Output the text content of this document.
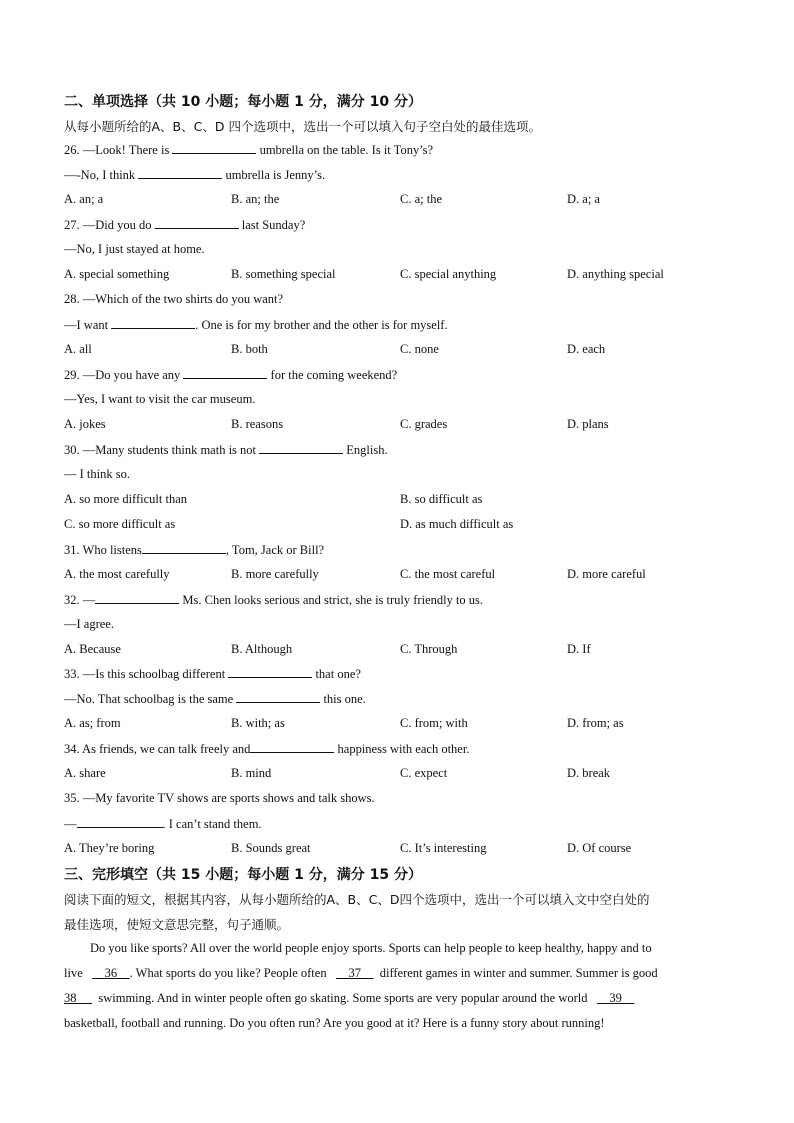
二、单项选择（共 10 小题；每小题 1 分，满分 10 分）
从每小题所给的A、B、C、D 四个选项中，选出一个可以填入句子空白处的最佳选项。
26. —Look! There is	umbrella on the table. Is it Tony’s?
—-No, I think	umbrella is Jenny’s.
A. an; a	B. an; the	C. a; the	D. a; a
27. —Did you do	last Sunday?
—No, I just stayed at home.
A. special something	B. something special	C. special anything	D. anything special
28. —Which of the two shirts do you want?
—I want	. One is for my brother and the other is for myself.
A. all	B. both	C. none	D. each
29. —Do you have any	for the coming weekend?
—Yes, I want to visit the car museum.
A. jokes	B. reasons	C. grades	D. plans
30. —Many students think math is not	English.
— I think so.
A. so more difficult than	B. so difficult as
C. so more difficult as	D. as much difficult as
31. Who listens	, Tom, Jack or Bill?
A. the most carefully	B. more carefully	C. the most careful	D. more careful
32. —	Ms. Chen looks serious and strict, she is truly friendly to us.
—I agree.
A. Because	B. Although	C. Through	D. If
33. —Is this schoolbag different	that one?
—No. That schoolbag is the same	this one.
A. as; from	B. with; as	C. from; with	D. from; as
34. As friends, we can talk freely and	happiness with each other.
A. share	B. mind	C. expect	D. break
35. —My favorite TV shows are sports shows and talk shows.
—	. I can’t stand them.
A. They’re boring	B. Sounds great	C. It’s interesting	D. Of course
三、完形填空（共 15 小题；每小题 1 分，满分 15 分）
阅读下面的短文，根据其内容，从每小题所给的A、B、C、D四个选项中，选出一个可以填入文中空白处的
最佳选项，使短文意思完整，句子通顺。
Do you like sports? All over the world people enjoy sports. Sports can help people to keep healthy, happy and to
live 36 . What sports do you like? People often 37 different games in winter and summer. Summer is good
38 swimming. And in winter people often go skating. Some sports are very popular around the world 39
basketball, football and running. Do you often run? Are you good at it? Here is a funny story about running!
